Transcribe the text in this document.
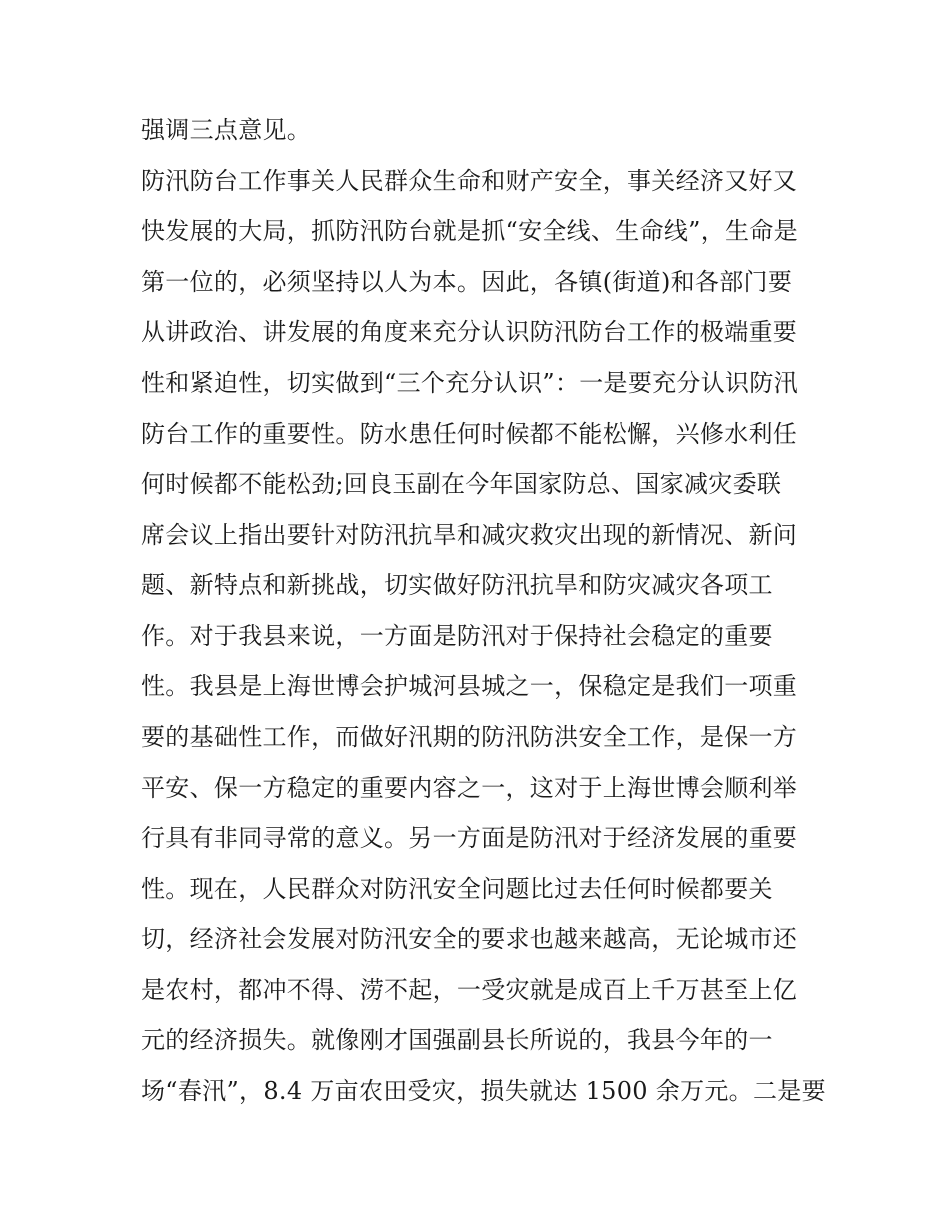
强调三点意见。
防汛防台工作事关人民群众生命和财产安全，事关经济又好又
快发展的大局，抓防汛防台就是抓“安全线、生命线”，生命是
第一位的，必须坚持以人为本。因此，各镇(街道)和各部门要
从讲政治、讲发展的角度来充分认识防汛防台工作的极端重要
性和紧迫性，切实做到“三个充分认识”：一是要充分认识防汛
防台工作的重要性。防水患任何时候都不能松懈，兴修水利任
何时候都不能松劲;回良玉副在今年国家防总、国家减灾委联
席会议上指出要针对防汛抗旱和减灾救灾出现的新情况、新问
题、新特点和新挑战，切实做好防汛抗旱和防灾减灾各项工
作。对于我县来说，一方面是防汛对于保持社会稳定的重要
性。我县是上海世博会护城河县城之一，保稳定是我们一项重
要的基础性工作，而做好汛期的防汛防洪安全工作，是保一方
平安、保一方稳定的重要内容之一，这对于上海世博会顺利举
行具有非同寻常的意义。另一方面是防汛对于经济发展的重要
性。现在，人民群众对防汛安全问题比过去任何时候都要关
切，经济社会发展对防汛安全的要求也越来越高，无论城市还
是农村，都冲不得、涝不起，一受灾就是成百上千万甚至上亿
元的经济损失。就像刚才国强副县长所说的，我县今年的一
场“春汛”，8.4 万亩农田受灾，损失就达 1500 余万元。二是要
